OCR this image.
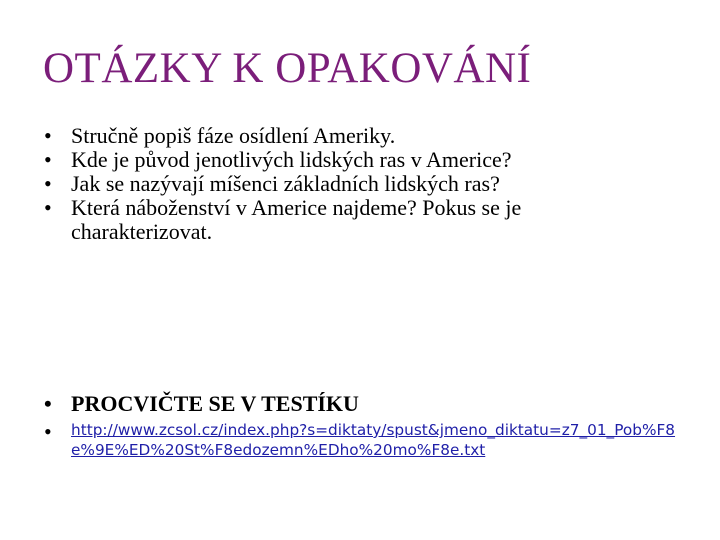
OTÁZKY K OPAKOVÁNÍ
• Stručně popiš fáze osídlení Ameriky.
• Kde je původ jenotlivých lidských ras v Americe?
• Jak se nazývají míšenci základních lidských ras?
• Která náboženství v Americe najdeme? Pokus se je charakterizovat.
• PROCVIČTE SE V TESTÍKU
•	http://www.zcsol.cz/index.php?s=diktaty/spust&jmeno_diktatu=z7_01_Pob%F8e%9E%ED%20St%F8edozemn%EDho%20mo%F8e.txt
